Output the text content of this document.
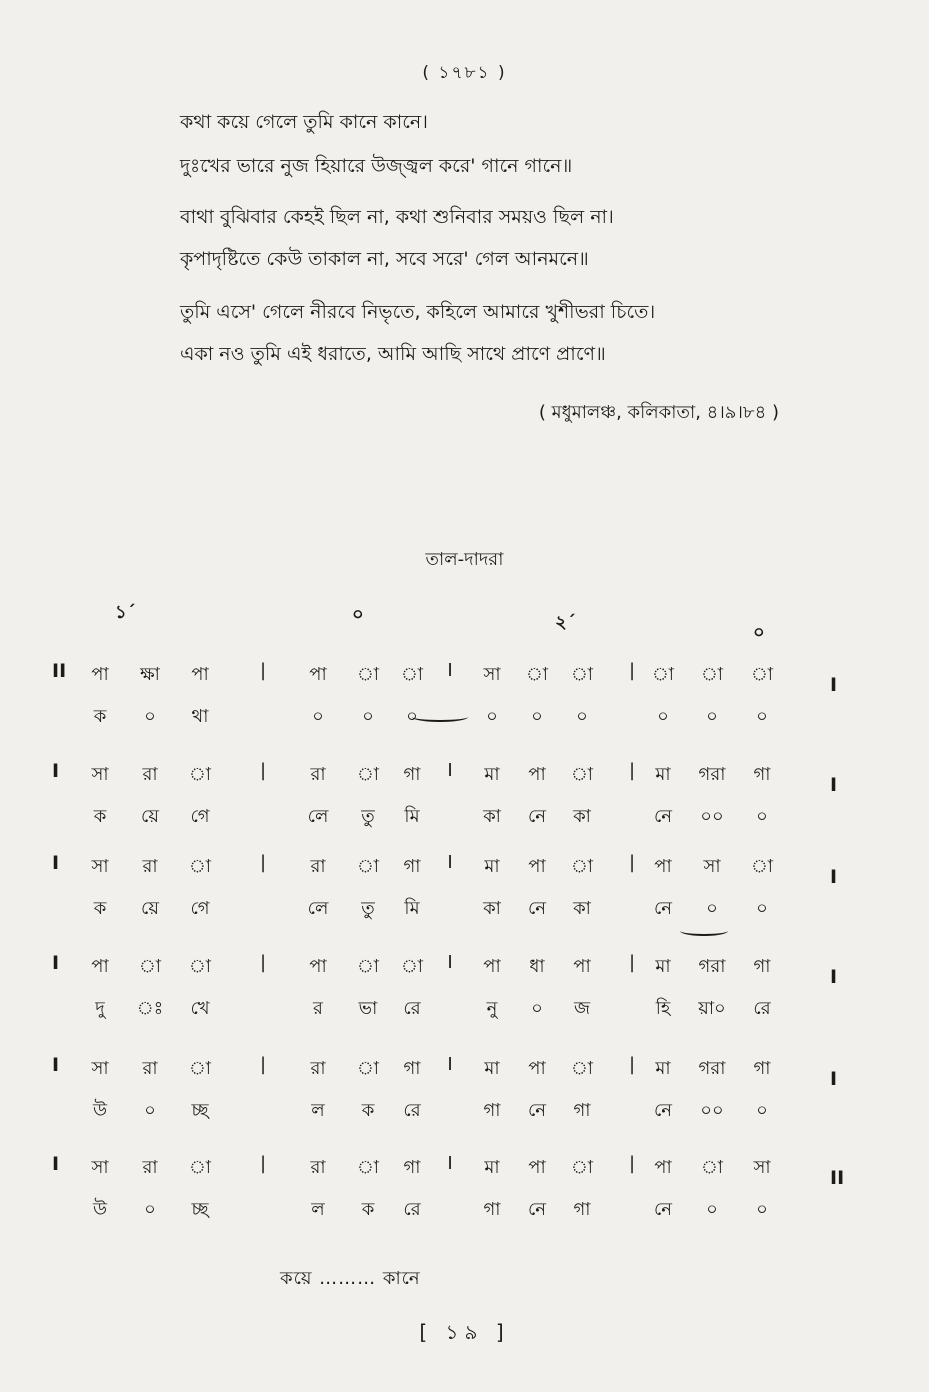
( ১৭৮১ )
কথা কয়ে গেলে তুমি কানে কানে।
দুঃখের ভারে নুজ হিয়ারে উজ্জ্বল করে' গানে গানে॥
বাথা বুঝিবার কেহই ছিল না, কথা শুনিবার সময়ও ছিল না।
কৃপাদৃষ্টিতে কেউ তাকাল না, সবে সরে' গেল আনমনে॥
তুমি এসে' গেলে নীরবে নিভৃতে, কহিলে আমারে খুশীভরা চিতে।
একা নও তুমি এই ধরাতে, আমি আছি সাথে প্রাণে প্রাণে॥
( মধুমালঞ্চ, কলিকাতা, ৪।৯।৮৪ )
তাল-দাদরা
১´	০	২´	০
II	পা	ক্ষা	পা	|	পা	া	া	I	সা	া	া	| া	া	া
ক	০	থা	০	০	০	০	০	০	০	০	০
I
I	সা	রা	া	|	রা	া	গা	I	মা	পা	া	|	মা	গরা	গা
ক	য়ে	গে	লে	তু	মি	কা	নে	কা	নে	০০	০
I
I	সা	রা	া	|	রা	া	গা	I	মা	পা	া	|	পা	সা	া
ক	য়ে	গে	লে	তু	মি	কা	নে	কা	নে	০	০
I
I	পা	া	া	|	পা	া	া	I	পা	ধা	পা	|	মা	গরা	গা
দু	ঃ	খে	র	ভা	রে	নু	০	জ	হি	য়া০	রে
I
I	সা	রা	া	|	রা	া	গা	I	মা	পা	া	|	মা	গরা	গা
উ	০	চ্ছ	ল	ক	রে	গা	নে	গা	নে	০০	০
I
I	সা	রা	া	|	রা	া	গা	I	মা	পা	া	|	পা	া	সা
উ	০	চ্ছ	ল	ক	রে	গা	নে	গা	নে	০	০
II
কয়ে ……… কানে
[ ১৯ ]
